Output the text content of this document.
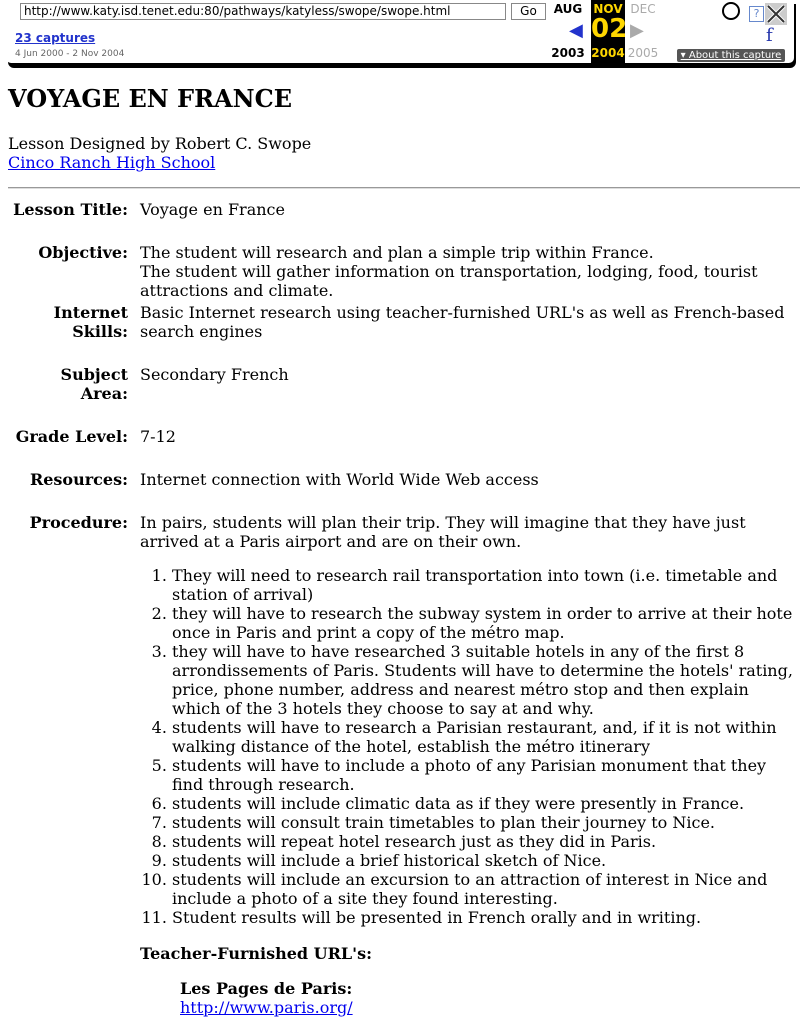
http://www.katy.isd.tenet.edu:80/pathways/katyless/swope/swope.html	Go
23 captures
4 Jun 2000 - 2 Nov 2004
AUG
◀
2003
NOV
02
2004
DEC
▶
2005
?
f
▾ About this capture
VOYAGE EN FRANCE
Lesson Designed by Robert C. Swope
Cinco Ranch High School
Lesson Title: Voyage en France
Objective: The student will research and plan a simple trip within France.
The student will gather information on transportation, lodging, food, tourist attractions and climate.
Internet Skills:
Basic Internet research using teacher-furnished URL's as well as French-based search engines
Subject Area:
Secondary French
Grade Level: 7-12
Resources: Internet connection with World Wide Web access
Procedure: In pairs, students will plan their trip. They will imagine that they have just arrived at a Paris airport and are on their own.
1. They will need to research rail transportation into town (i.e. timetable and station of arrival)
2. they will have to research the subway system in order to arrive at their hote once in Paris and print a copy of the métro map.
3. they will have to have researched 3 suitable hotels in any of the first 8 arrondissements of Paris. Students will have to determine the hotels' rating, price, phone number, address and nearest métro stop and then explain which of the 3 hotels they choose to say at and why.
4. students will have to research a Parisian restaurant, and, if it is not within walking distance of the hotel, establish the métro itinerary
5. students will have to include a photo of any Parisian monument that they find through research.
6. students will include climatic data as if they were presently in France.
7. students will consult train timetables to plan their journey to Nice.
8. students will repeat hotel research just as they did in Paris.
9. students will include a brief historical sketch of Nice.
10. students will include an excursion to an attraction of interest in Nice and include a photo of a site they found interesting.
11. Student results will be presented in French orally and in writing.
Teacher-Furnished URL's:
Les Pages de Paris:
http://www.paris.org/
